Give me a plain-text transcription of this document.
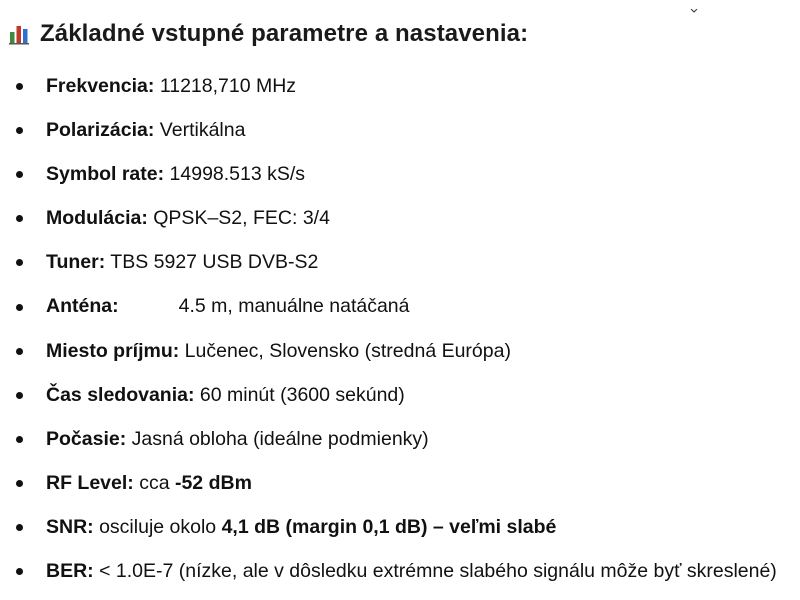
Základné vstupné parametre a nastavenia:
Frekvencia: 11218,710 MHz
Polarizácia: Vertikálna
Symbol rate: 14998.513 kS/s
Modulácia: QPSK–S2, FEC: 3/4
Tuner: TBS 5927 USB DVB-S2
Anténa:	4.5 m, manuálne natáčaná
Miesto príjmu: Lučenec, Slovensko (stredná Európa)
Čas sledovania: 60 minút (3600 sekúnd)
Počasie: Jasná obloha (ideálne podmienky)
RF Level: cca -52 dBm
SNR: osciluje okolo 4,1 dB (margin 0,1 dB) – veľmi slabé
BER: < 1.0E-7 (nízke, ale v dôsledku extrémne slabého signálu môže byť skreslené)
